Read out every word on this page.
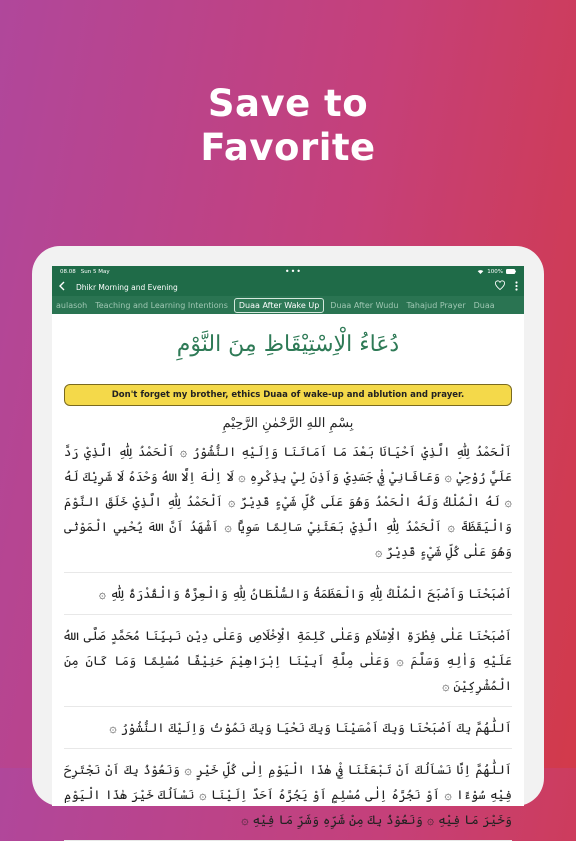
Save to
Favorite
08.08 Sun 5 May	•••	100%
Dhikr Morning and Evening
aulasoh	Teaching and Learning Intentions	Duaa After Wake Up	Duaa After Wudu	Tahajud Prayer	Duaa
دُعَاءُ الْاِسْتِيْقَاظِ مِنَ النَّوْمِ
Don't forget my brother, ethics Duaa of wake-up and ablution and prayer.
بِسْمِ اللهِ الرَّحْمٰنِ الرَّحِيْمِ
اَلْحَمْدُ لِلّٰهِ الَّذِيْ اَحْيَانَا بَعْدَ مَا اَمَاتَنَا وَاِلَيْهِ النُّشُوْرُ ۞ اَلْحَمْدُ لِلّٰهِ الَّذِيْ رَدَّ عَلَيَّ رُوْحِيْ ۞ وَعَافَانِيْ فِيْ جَسَدِيْ وَاَذِنَ لِيْ بِذِكْرِهِ ۞ لَا اِلٰهَ اِلَّا اللهُ وَحْدَهُ لَا شَرِيْكَ لَهُ ۞ لَهُ الْمُلْكُ وَلَهُ الْحَمْدُ وَهُوَ عَلَى كُلِّ شَيْءٍ قَدِيْرٌ ۞ اَلْحَمْدُ لِلّٰهِ الَّذِيْ خَلَقَ النَّوْمَ وَالْيَقَظَةَ ۞ اَلْحَمْدُ لِلّٰهِ الَّذِيْ بَعَثَنِيْ سَالِمًا سَوِيًّا ۞ اَشْهَدُ اَنَّ اللهَ يُحْيِي الْمَوْتٰى وَهُوَ عَلٰى كُلِّ شَيْءٍ قَدِيْرٌ ۞
اَصْبَحْنَا وَاَصْبَحَ الْمُلْكُ لِلّٰهِ وَالْعَظَمَةُ وَالسُّلْطَانُ لِلّٰهِ وَالْعِزَّةُ وَالْقُدْرَةُ لِلّٰهِ ۞
اَصْبَحْنَا عَلٰى فِطْرَةِ الْاِسْلَامِ وَعَلٰى كَلِمَةِ الْاِخْلَاصِ وَعَلٰى دِيْنِ نَبِيِّنَا مُحَمَّدٍ صَلَّى اللهُ عَلَيْهِ وَاٰلِهِ وَسَلَّمَ ۞ وَعَلٰى مِلَّةِ اَبِيْنَا اِبْرَاهِيْمَ حَنِيْفًا مُسْلِمًا وَمَا كَانَ مِنَ الْمُشْرِكِيْنَ ۞
اَللّٰهُمَّ بِكَ اَصْبَحْنَا وَبِكَ اَمْسَيْنَا وَبِكَ نَحْيَا وَبِكَ نَمُوْتُ وَاِلَيْكَ النُّشُوْرُ ۞
اَللّٰهُمَّ اِنَّا نَسْاَلُكَ اَنْ تَبْعَثَنَا فِيْ هٰذَا الْيَوْمِ اِلٰى كُلِّ خَيْرٍ ۞ وَنَعُوْذُ بِكَ اَنْ نَجْتَرِحَ فِيْهِ سُوْءًا ۞ اَوْ نَجُرَّهُ اِلٰى مُسْلِمٍ اَوْ يَجُرَّهُ اَحَدٌ اِلَيْنَا ۞ نَسْاَلُكَ خَيْرَ هٰذَا الْيَوْمِ وَخَيْرَ مَا فِيْهِ ۞ وَنَعُوْذُ بِكَ مِنْ شَرِّهِ وَشَرِّ مَا فِيْهِ ۞
